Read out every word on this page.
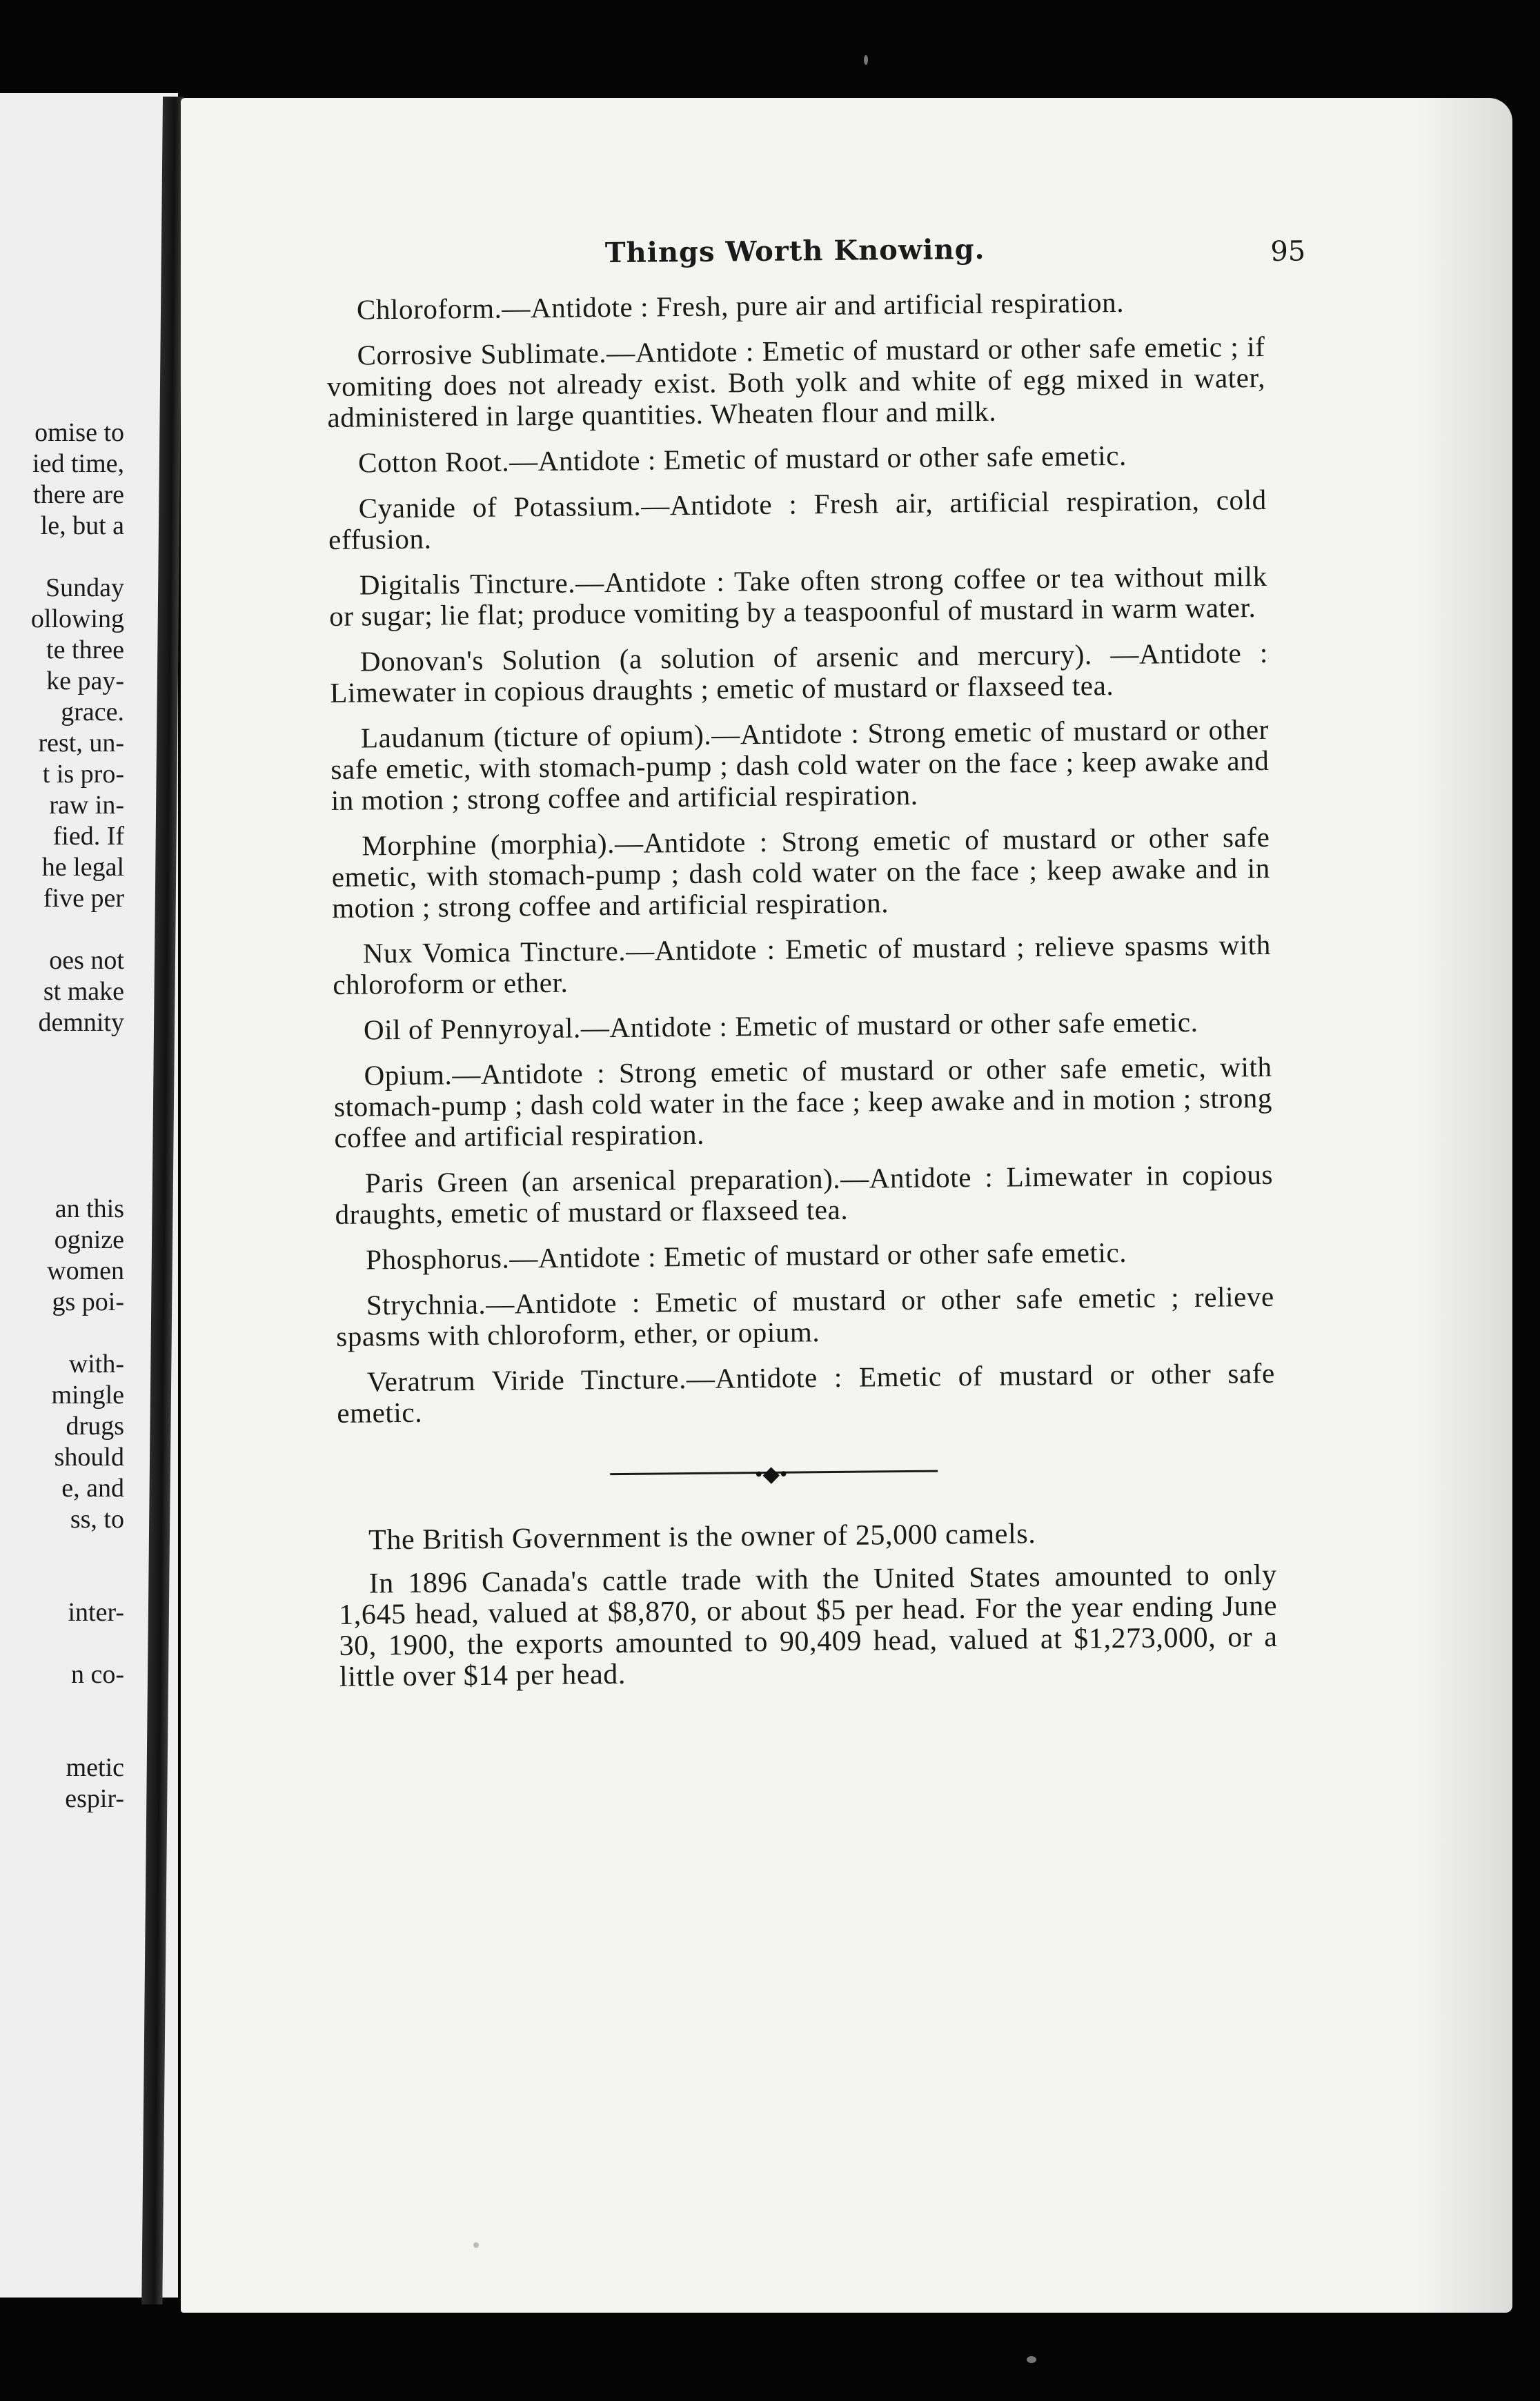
omise to
ied time,
there are
le, but a
Sunday
ollowing
te three
ke pay-
grace.
rest, un-
t is pro-
raw in-
fied. If
he legal
five per
oes not
st make
demnity
an this
ognize
women
gs poi-
with-
mingle
drugs
should
e, and
ss, to
inter-
n co-
metic
espir-
Things Worth Knowing.	95

Chloroform.—Antidote : Fresh, pure air and artificial respiration.

Corrosive Sublimate.—Antidote : Emetic of mustard or other safe emetic ; if vomiting does not already exist. Both yolk and white of egg mixed in water, administered in large quantities. Wheaten flour and milk.

Cotton Root.—Antidote : Emetic of mustard or other safe emetic.

Cyanide of Potassium.—Antidote : Fresh air, artificial respiration, cold effusion.

Digitalis Tincture.—Antidote : Take often strong coffee or tea without milk or sugar; lie flat; produce vomiting by a teaspoonful of mustard in warm water.

Donovan's Solution (a solution of arsenic and mercury). —Antidote : Limewater in copious draughts ; emetic of mustard or flaxseed tea.

Laudanum (ticture of opium).—Antidote : Strong emetic of mustard or other safe emetic, with stomach-pump ; dash cold water on the face ; keep awake and in motion ; strong coffee and artificial respiration.

Morphine (morphia).—Antidote : Strong emetic of mustard or other safe emetic, with stomach-pump ; dash cold water on the face ; keep awake and in motion ; strong coffee and artificial respiration.

Nux Vomica Tincture.—Antidote : Emetic of mustard ; relieve spasms with chloroform or ether.

Oil of Pennyroyal.—Antidote : Emetic of mustard or other safe emetic.

Opium.—Antidote : Strong emetic of mustard or other safe emetic, with stomach-pump ; dash cold water in the face ; keep awake and in motion ; strong coffee and artificial respiration.

Paris Green (an arsenical preparation).—Antidote : Limewater in copious draughts, emetic of mustard or flaxseed tea.

Phosphorus.—Antidote : Emetic of mustard or other safe emetic.

Strychnia.—Antidote : Emetic of mustard or other safe emetic ; relieve spasms with chloroform, ether, or opium.

Veratrum Viride Tincture.—Antidote : Emetic of mustard or other safe emetic.

•◆•

The British Government is the owner of 25,000 camels.

In 1896 Canada's cattle trade with the United States amounted to only 1,645 head, valued at $8,870, or about $5 per head. For the year ending June 30, 1900, the exports amounted to 90,409 head, valued at $1,273,000, or a little over $14 per head.
